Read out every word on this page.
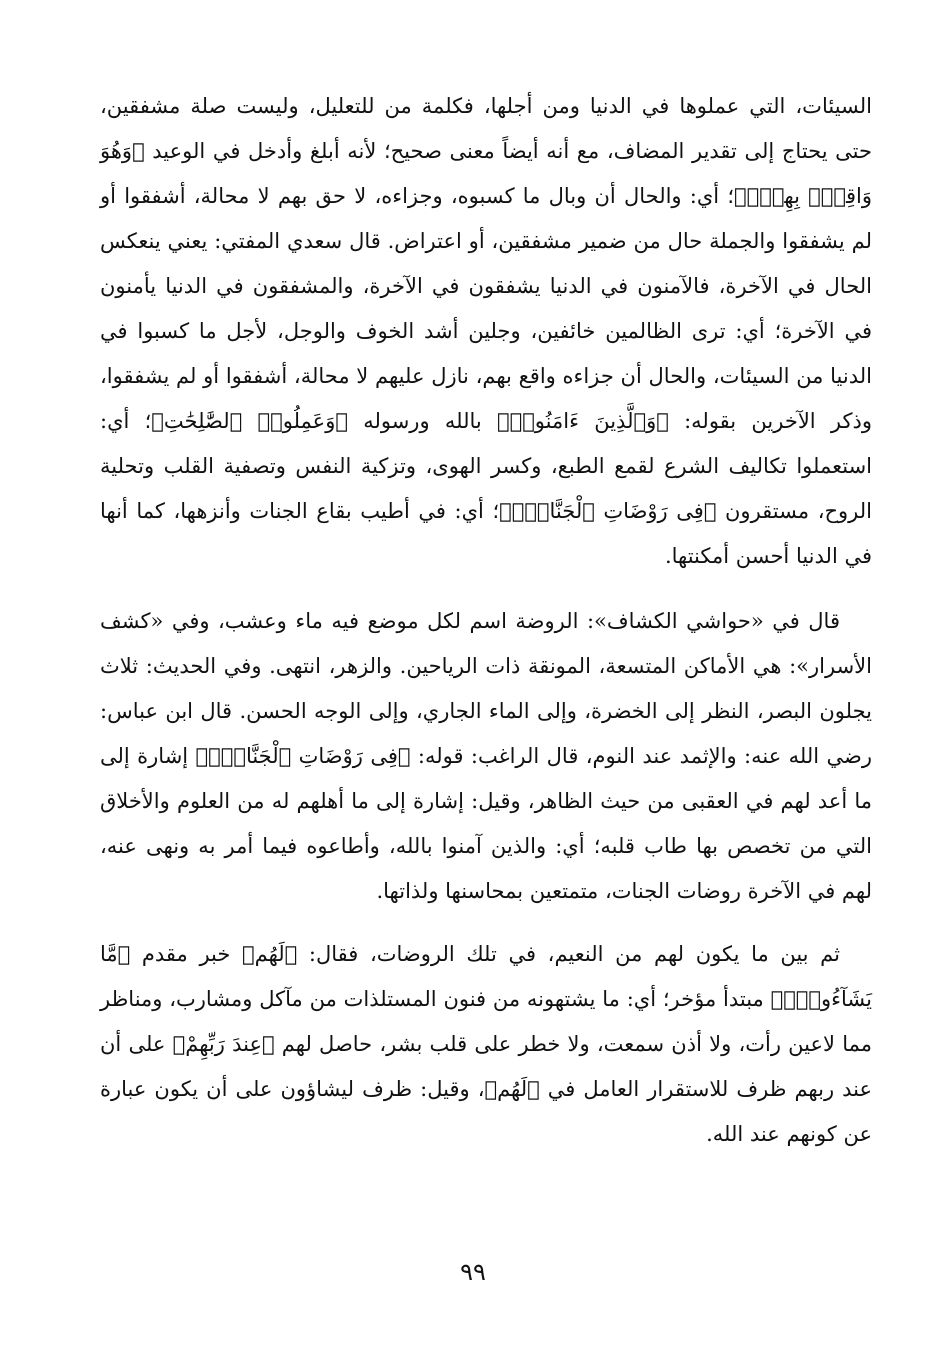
السيئات، التي عملوها في الدنيا ومن أجلها، فكلمة من للتعليل، وليست صلة مشفقين، حتى يحتاج إلى تقدير المضاف، مع أنه أيضاً معنى صحيح؛ لأنه أبلغ وأدخل في الوعيد ﴿وَهُوَ وَاقِعٌۢ بِهِمْۗ﴾؛ أي: والحال أن وبال ما كسبوه، وجزاءه، لا حق بهم لا محالة، أشفقوا أو لم يشفقوا والجملة حال من ضمير مشفقين، أو اعتراض. قال سعدي المفتي: يعني ينعكس الحال في الآخرة، فالآمنون في الدنيا يشفقون في الآخرة، والمشفقون في الدنيا يأمنون في الآخرة؛ أي: ترى الظالمين خائفين، وجلين أشد الخوف والوجل، لأجل ما كسبوا في الدنيا من السيئات، والحال أن جزاءه واقع بهم، نازل عليهم لا محالة، أشفقوا أو لم يشفقوا، وذكر الآخرين بقوله: ﴿وَٱلَّذِينَ ءَامَنُوا۟﴾ بالله ورسوله ﴿وَعَمِلُوا۟ ٱلصَّٰلِحَٰتِ﴾؛ أي: استعملوا تكاليف الشرع لقمع الطبع، وكسر الهوى، وتزكية النفس وتصفية القلب وتحلية الروح، مستقرون ﴿فِى رَوْضَاتِ ٱلْجَنَّاتِۖ﴾؛ أي: في أطيب بقاع الجنات وأنزهها، كما أنها في الدنيا أحسن أمكنتها.

قال في «حواشي الكشاف»: الروضة اسم لكل موضع فيه ماء وعشب، وفي «كشف الأسرار»: هي الأماكن المتسعة، المونقة ذات الرياحين. والزهر، انتهى. وفي الحديث: ثلاث يجلون البصر، النظر إلى الخضرة، وإلى الماء الجاري، وإلى الوجه الحسن. قال ابن عباس: رضي الله عنه: والإثمد عند النوم، قال الراغب: قوله: ﴿فِى رَوْضَاتِ ٱلْجَنَّاتِۖ﴾ إشارة إلى ما أعد لهم في العقبى من حيث الظاهر، وقيل: إشارة إلى ما أهلهم له من العلوم والأخلاق التي من تخصص بها طاب قلبه؛ أي: والذين آمنوا بالله، وأطاعوه فيما أمر به ونهى عنه، لهم في الآخرة روضات الجنات، متمتعين بمحاسنها ولذاتها.

ثم بين ما يكون لهم من النعيم، في تلك الروضات، فقال: ﴿لَهُم﴾ خبر مقدم ﴿مَّا يَشَآءُونَۚ﴾ مبتدأ مؤخر؛ أي: ما يشتهونه من فنون المستلذات من مآكل ومشارب، ومناظر مما لاعين رأت، ولا أذن سمعت، ولا خطر على قلب بشر، حاصل لهم ﴿عِندَ رَبِّهِمْ﴾ على أن عند ربهم ظرف للاستقرار العامل في ﴿لَهُم﴾، وقيل: ظرف ليشاؤون على أن يكون عبارة عن كونهم عند الله.

٩٩
